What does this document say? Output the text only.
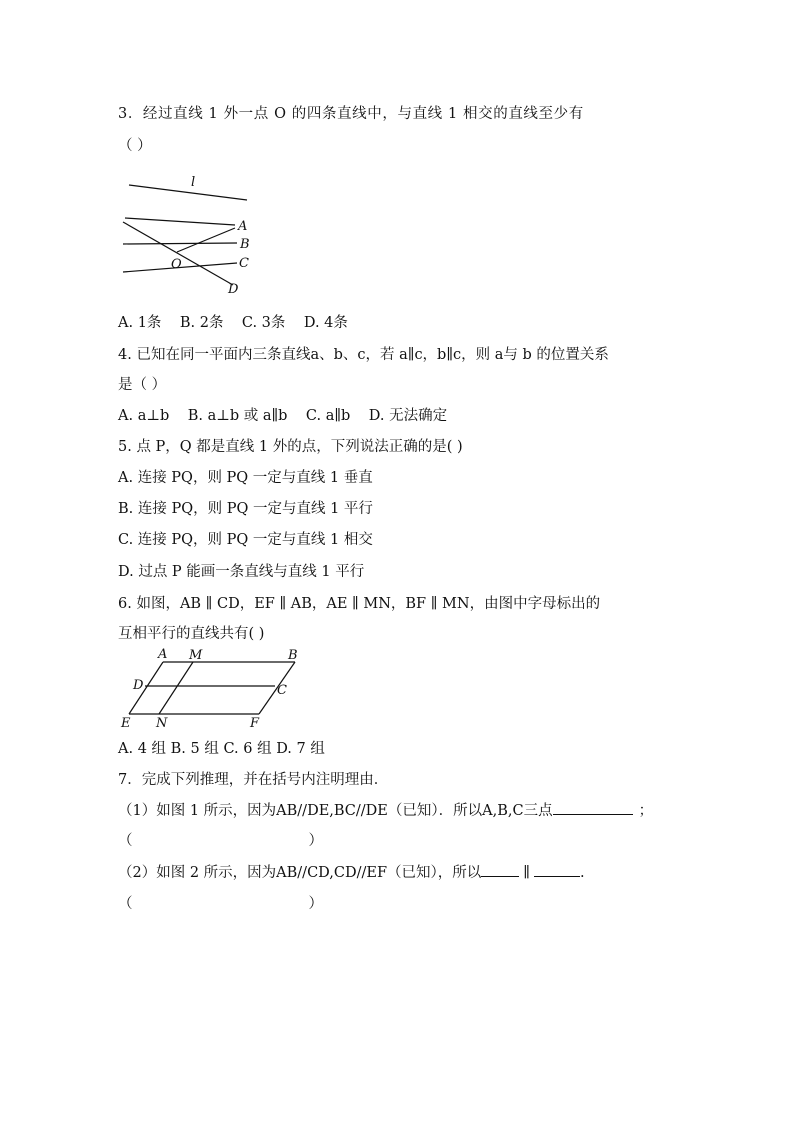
3．经过直线 1 外一点 O 的四条直线中，与直线 1 相交的直线至少有
（ ）
l
A
B
C
O
D
A. 1条    B. 2条    C. 3条    D. 4条
4. 已知在同一平面内三条直线a、b、c，若 a∥c，b∥c，则 a与 b 的位置关系
是（ ）
A. a⊥b    B. a⊥b 或 a∥b    C. a∥b    D. 无法确定
5. 点 P，Q 都是直线 1 外的点，下列说法正确的是( )
A. 连接 PQ，则 PQ 一定与直线 1 垂直
B. 连接 PQ，则 PQ 一定与直线 1 平行
C. 连接 PQ，则 PQ 一定与直线 1 相交
D. 过点 P 能画一条直线与直线 1 平行
6. 如图，AB ∥ CD，EF ∥ AB，AE ∥ MN，BF ∥ MN，由图中字母标出的
互相平行的直线共有( )
A M	B
D	C
E N	F
A. 4 组 B. 5 组 C. 6 组 D. 7 组
7．完成下列推理，并在括号内注明理由．
（1）如图 1 所示，因为AB//DE,BC//DE（已知）．所以A,B,C三点	；
（	）
（2）如图 2 所示，因为AB//CD,CD//EF（已知），所以	∥	.
（	）
